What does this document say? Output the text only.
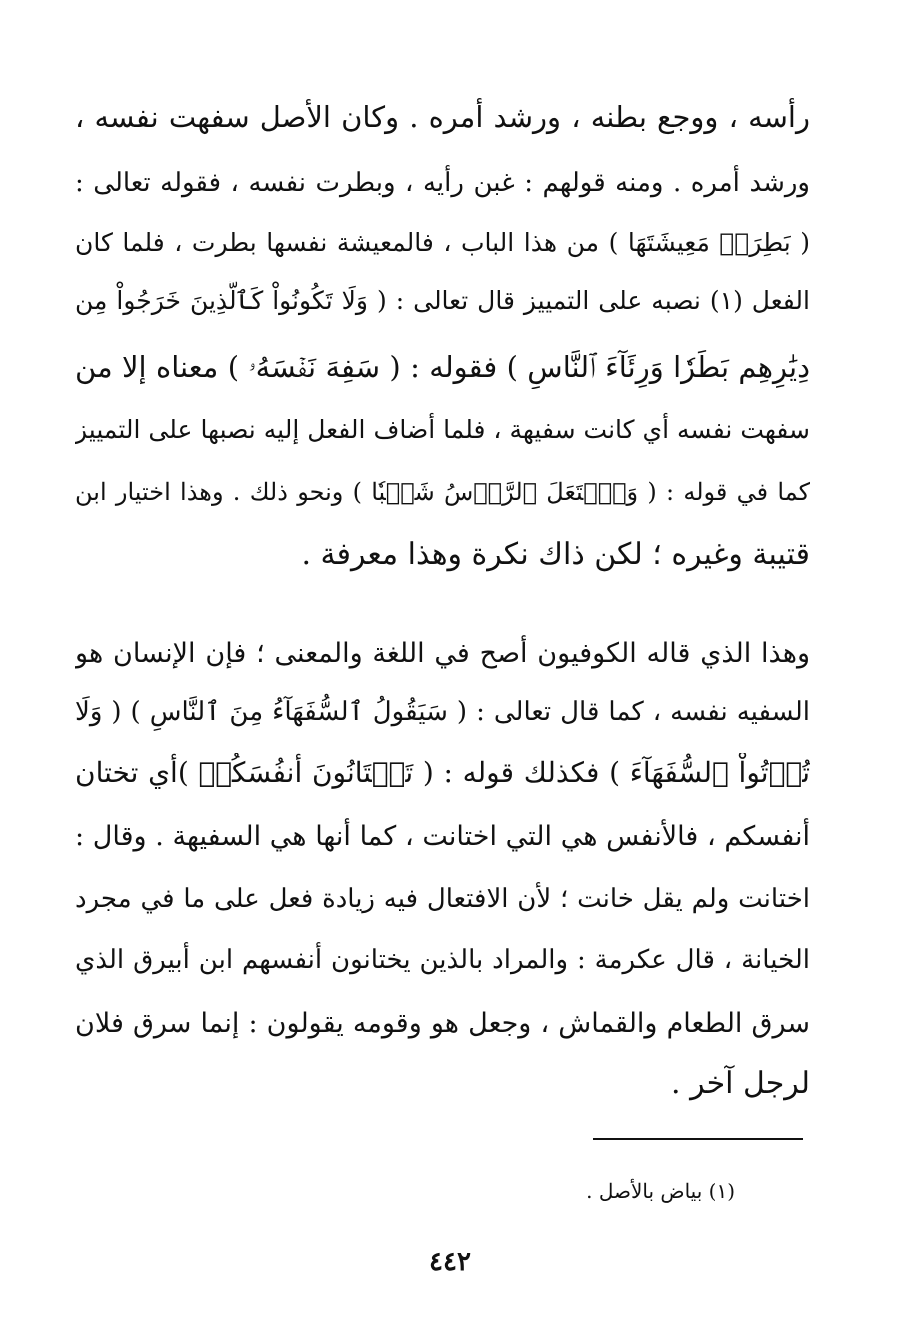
رأسه ، ووجع بطنه ، ورشد أمره . وكان الأصل سفهت نفسه ،
ورشد أمره . ومنه قولهم : غبن رأيه ، وبطرت نفسه ، فقوله تعالى :
( بَطِرَتۡ مَعِيشَتَهَا ) من هذا الباب ، فالمعيشة نفسها بطرت ، فلما كان
الفعل (١) نصبه على التمييز قال تعالى : ( وَلَا تَكُونُواْ كَٱلَّذِينَ خَرَجُواْ مِن
دِيَٰرِهِم بَطَرٗا وَرِئَآءَ ٱلنَّاسِ ) فقوله : ( سَفِهَ نَفۡسَهُۥ ) معناه إلا من
سفهت نفسه أي كانت سفيهة ، فلما أضاف الفعل إليه نصبها على التمييز
كما في قوله : ( وَٱشۡتَعَلَ ٱلرَّأۡسُ شَيۡبٗا ) ونحو ذلك . وهذا اختيار ابن
قتيبة وغيره ؛ لكن ذاك نكرة وهذا معرفة .
وهذا الذي قاله الكوفيون أصح في اللغة والمعنى ؛ فإن الإنسان هو
السفيه نفسه ، كما قال تعالى : ( سَيَقُولُ ٱلسُّفَهَآءُ مِنَ ٱلنَّاسِ ) ( وَلَا
تُؤۡتُواْ ٱلسُّفَهَآءَ ) فكذلك قوله : ( تَخۡتَانُونَ أَنفُسَكُمۡ )أي تختان
أنفسكم ، فالأنفس هي التي اختانت ، كما أنها هي السفيهة . وقال :
اختانت ولم يقل خانت ؛ لأن الافتعال فيه زيادة فعل على ما في مجرد
الخيانة ، قال عكرمة : والمراد بالذين يختانون أنفسهم ابن أبيرق الذي
سرق الطعام والقماش ، وجعل هو وقومه يقولون : إنما سرق فلان
لرجل آخر .
(١) بياض بالأصل .
٤٤٢
